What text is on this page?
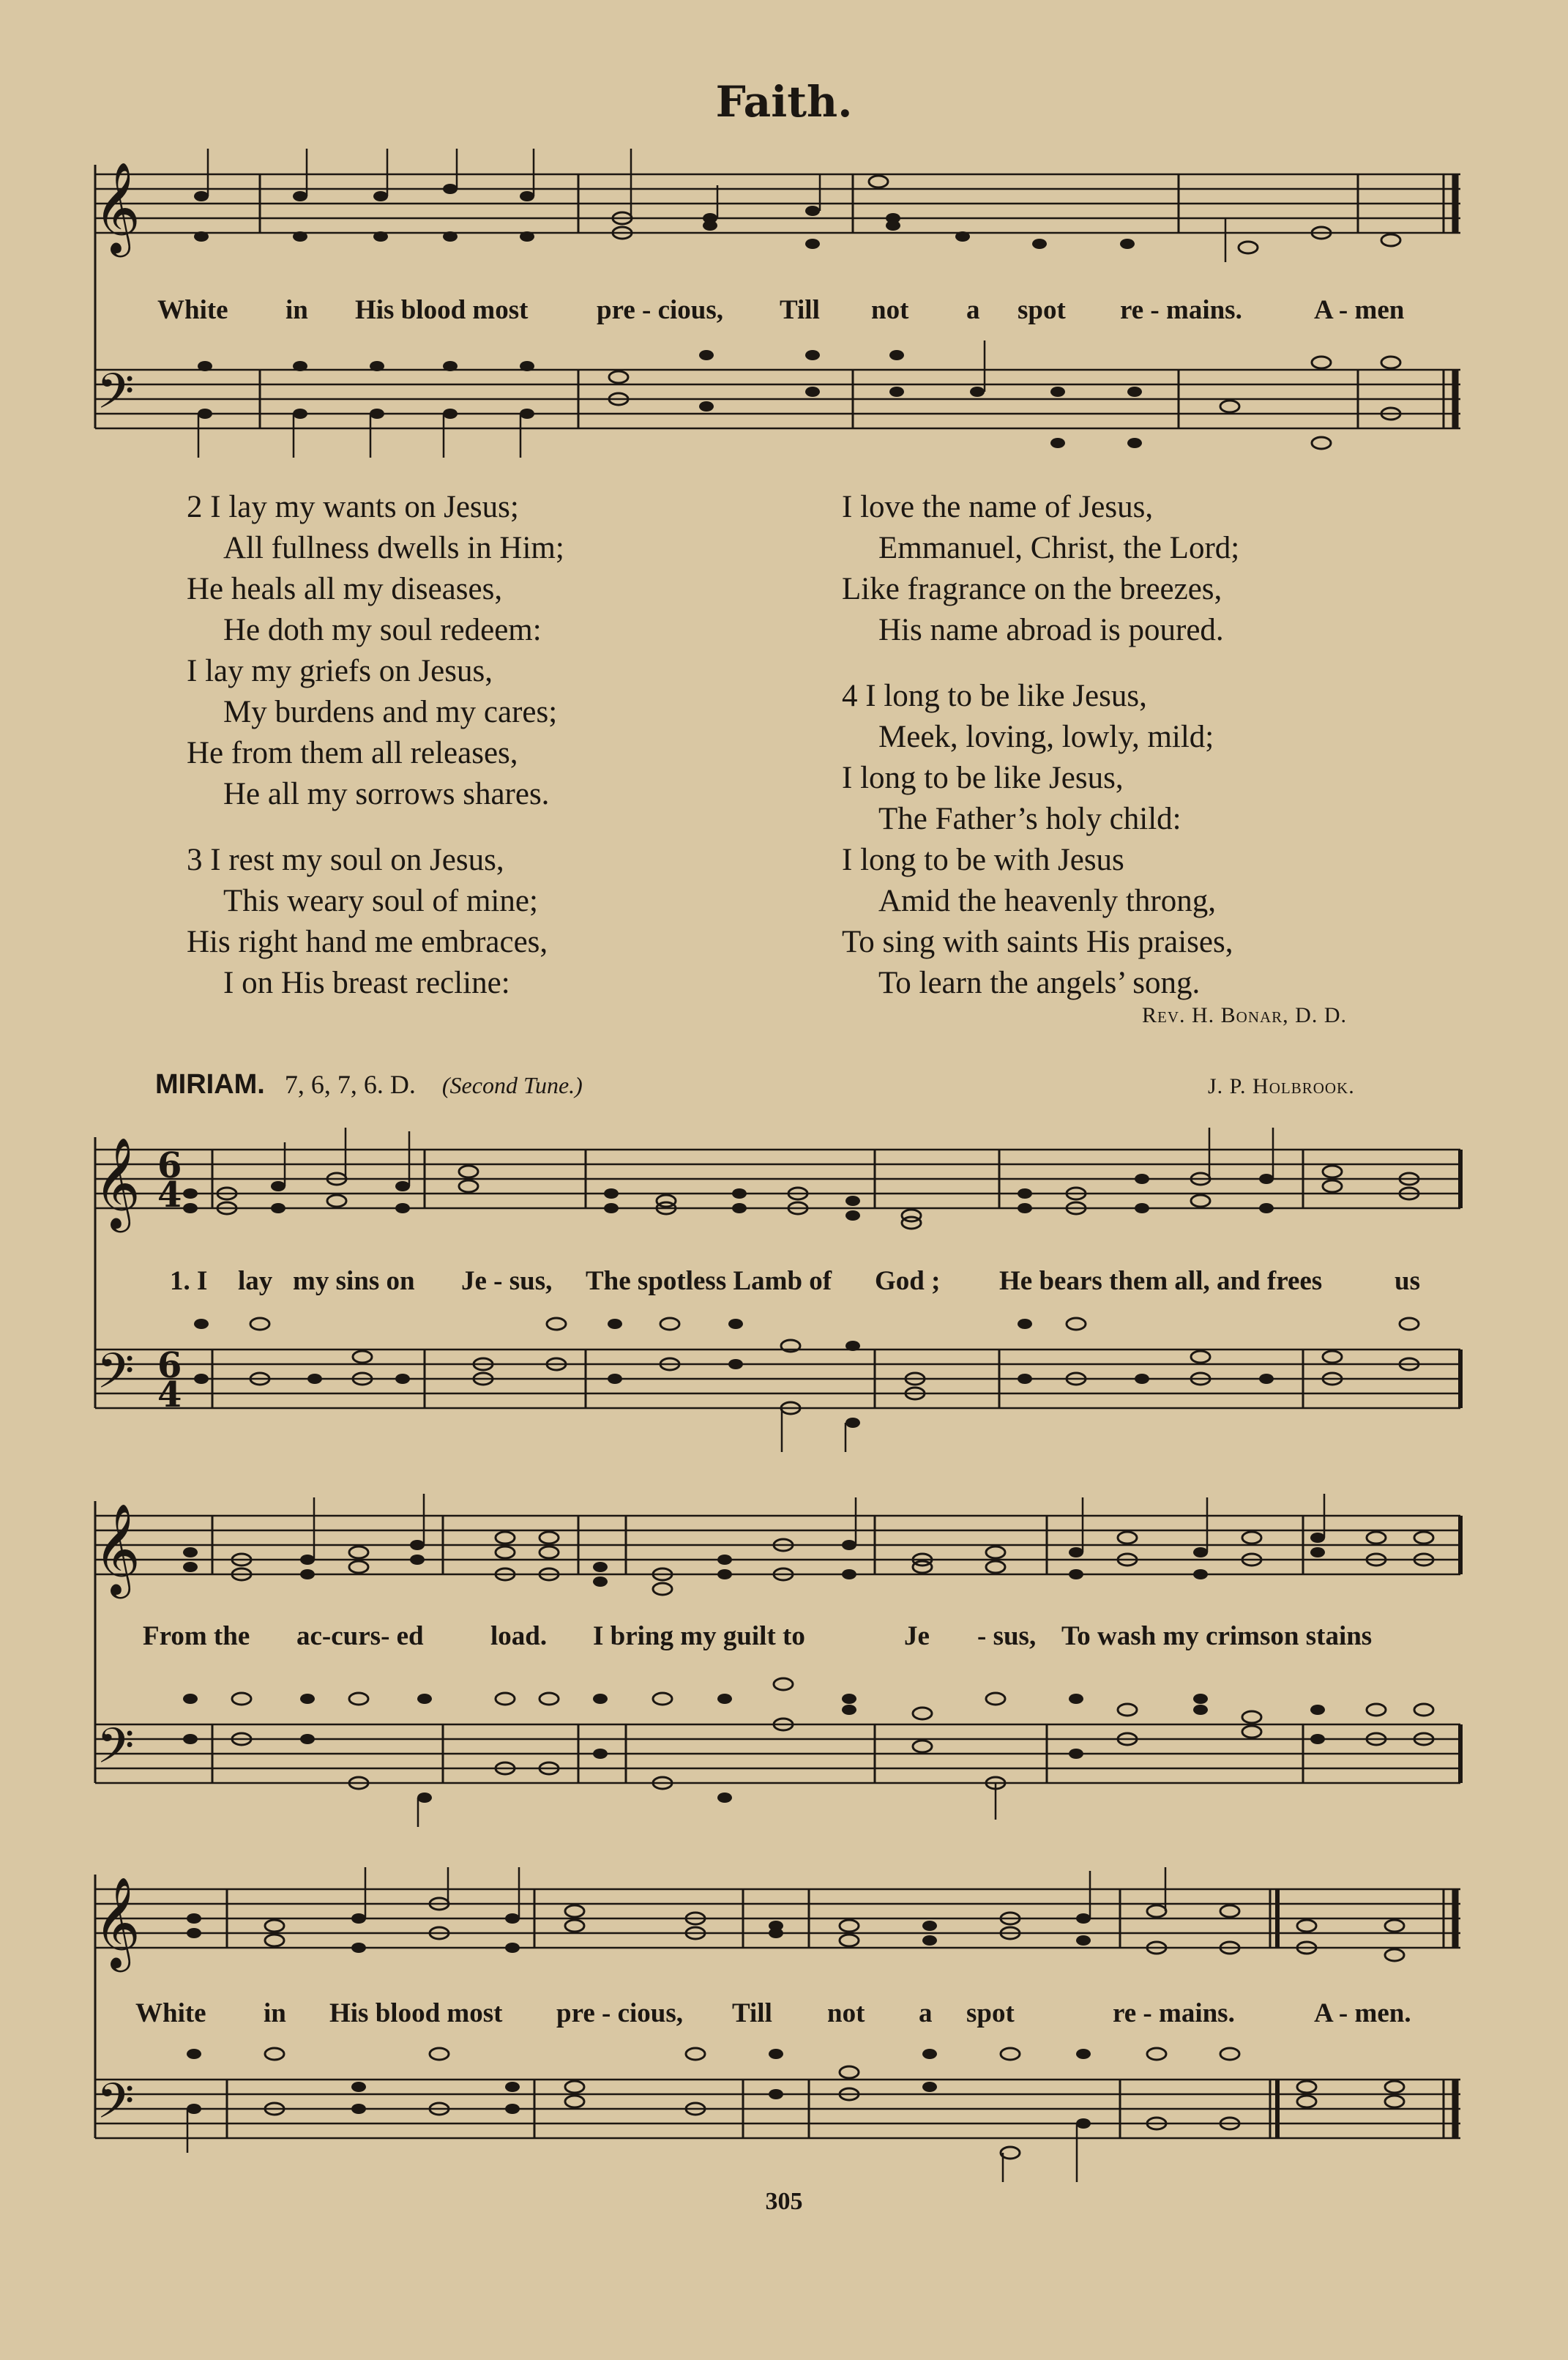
Faith.
𝄞
White in His blood most	pre - cious, Till not a spot re - mains.	A - men
𝄢
2 I lay my wants on Jesus;
All fullness dwells in Him;
He heals all my diseases,
He doth my soul redeem:
I lay my griefs on Jesus,
My burdens and my cares;
He from them all releases,
He all my sorrows shares.
3 I rest my soul on Jesus,
This weary soul of mine;
His right hand me embraces,
I on His breast recline:
I love the name of Jesus,
Emmanuel, Christ, the Lord;
Like fragrance on the breezes,
His name abroad is poured.
4 I long to be like Jesus,
Meek, loving, lowly, mild;
I long to be like Jesus,
The Father’s holy child:
I long to be with Jesus
Amid the heavenly throng,
To sing with saints His praises,
To learn the angels’ song.
Rev. H. Bonar, D. D.
MIRIAM. 7, 6, 7, 6. D. (Second Tune.)	J. P. Holbrook.
𝄞 6
4
1. I lay my sins on Je - sus, The spotless Lamb of God ; He bears them all, and frees	us
𝄢 6
4
𝄞
From the ac-curs- ed load. I bring my guilt to	Je - sus, To wash my crimson stains
𝄢
𝄞
White in His blood most pre - cious, Till not a spot	re - mains.	A - men.
𝄢
305
